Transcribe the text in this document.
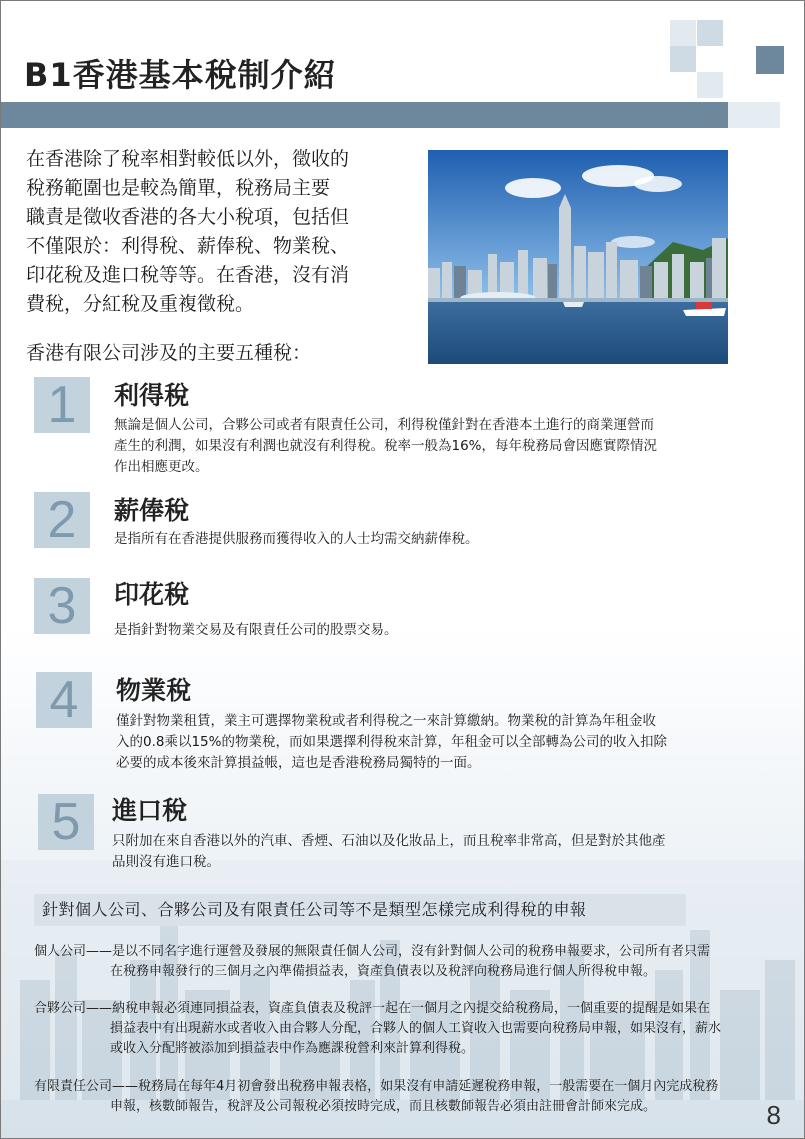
B1香港基本稅制介紹
在香港除了稅率相對較低以外，徵收的
稅務範圍也是較為簡單，稅務局主要
職責是徵收香港的各大小稅項，包括但
不僅限於：利得稅、薪俸稅、物業稅、
印花稅及進口稅等等。在香港，沒有消
費稅，分紅稅及重複徵稅。
香港有限公司涉及的主要五種稅：
1	利得稅
無論是個人公司，合夥公司或者有限責任公司，利得稅僅針對在香港本土進行的商業運營而
產生的利潤，如果沒有利潤也就沒有利得稅。稅率一般為16%，每年稅務局會因應實際情況
作出相應更改。
2	薪俸稅
是指所有在香港提供服務而獲得收入的人士均需交納薪俸稅。
3	印花稅
是指針對物業交易及有限責任公司的股票交易。
4	物業稅
僅針對物業租賃，業主可選擇物業稅或者利得稅之一來計算繳納。物業稅的計算為年租金收
入的0.8乘以15%的物業稅，而如果選擇利得稅來計算，年租金可以全部轉為公司的收入扣除
必要的成本後來計算損益帳，這也是香港稅務局獨特的一面。
5	進口稅
只附加在來自香港以外的汽車、香煙、石油以及化妝品上，而且稅率非常高，但是對於其他產
品則沒有進口稅。
針對個人公司、合夥公司及有限責任公司等不是類型怎樣完成利得稅的申報
個人公司——是以不同名字進行運營及發展的無限責任個人公司，沒有針對個人公司的稅務申報要求，公司所有者只需
在稅務申報發行的三個月之內準備損益表，資產負債表以及稅評向稅務局進行個人所得稅申報。
合夥公司——納稅申報必須連同損益表，資產負債表及稅評一起在一個月之內提交給稅務局，一個重要的提醒是如果在
損益表中有出現薪水或者收入由合夥人分配，合夥人的個人工資收入也需要向稅務局申報，如果沒有，薪水
或收入分配將被添加到損益表中作為應課稅營利來計算利得稅。
有限責任公司——稅務局在每年4月初會發出稅務申報表格，如果沒有申請延遲稅務申報，一般需要在一個月內完成稅務
申報，核數師報告，稅評及公司報稅必須按時完成，而且核數師報告必須由註冊會計師來完成。	8
